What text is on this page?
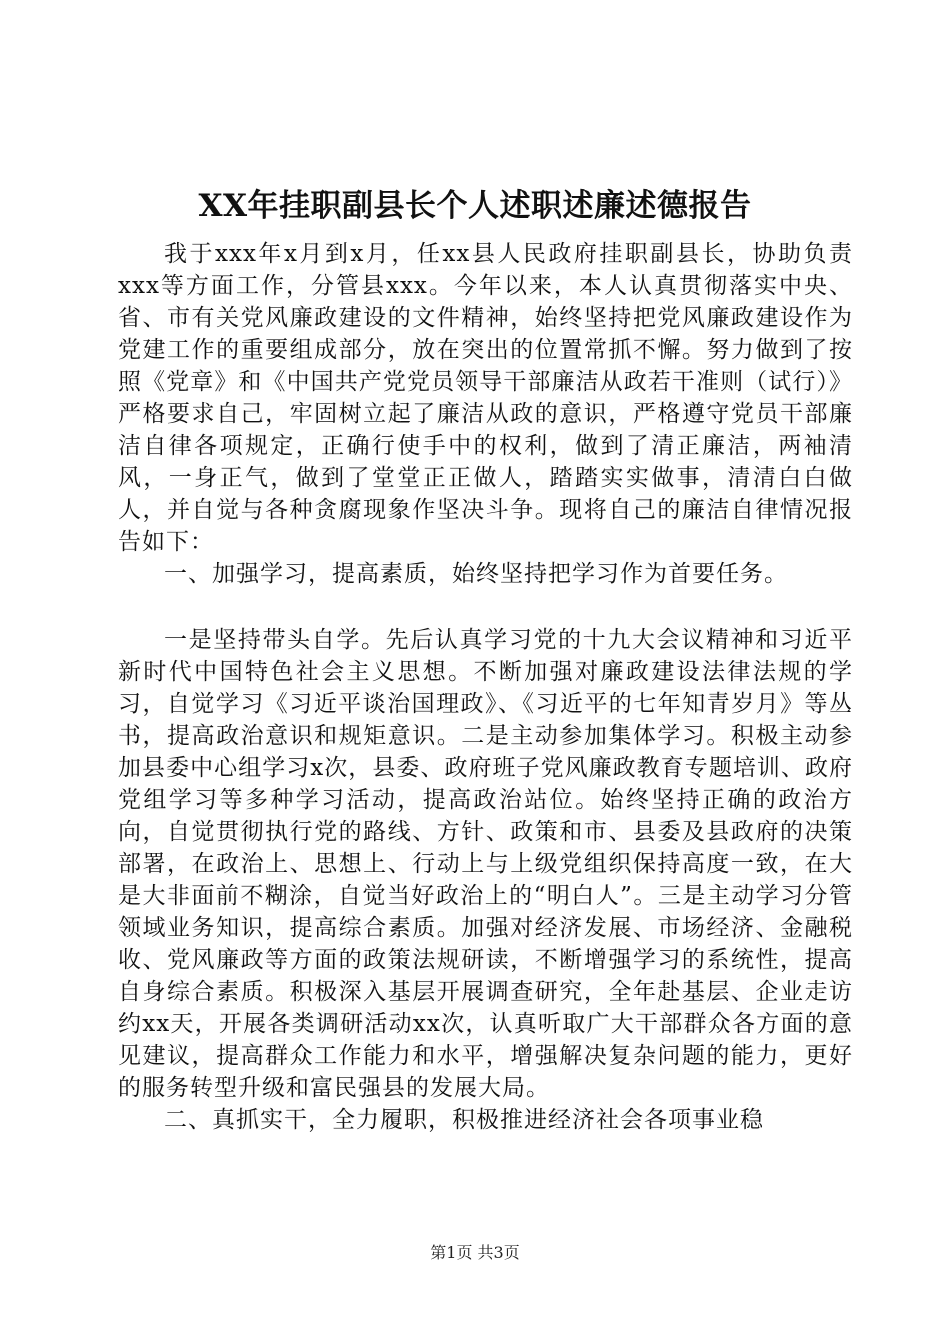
XX年挂职副县长个人述职述廉述德报告

我于xxx年x月到x月，任xx县人民政府挂职副县长，协助负责xxx等方面工作，分管县xxx。今年以来，本人认真贯彻落实中央、省、市有关党风廉政建设的文件精神，始终坚持把党风廉政建设作为党建工作的重要组成部分，放在突出的位置常抓不懈。努力做到了按照《党章》和《中国共产党党员领导干部廉洁从政若干准则（试行）》严格要求自己，牢固树立起了廉洁从政的意识，严格遵守党员干部廉洁自律各项规定，正确行使手中的权利，做到了清正廉洁，两袖清风，一身正气，做到了堂堂正正做人，踏踏实实做事，清清白白做人，并自觉与各种贪腐现象作坚决斗争。现将自己的廉洁自律情况报告如下：

一、加强学习，提高素质，始终坚持把学习作为首要任务。

一是坚持带头自学。先后认真学习党的十九大会议精神和习近平新时代中国特色社会主义思想。不断加强对廉政建设法律法规的学习，自觉学习《习近平谈治国理政》、《习近平的七年知青岁月》等丛书，提高政治意识和规矩意识。二是主动参加集体学习。积极主动参加县委中心组学习x次，县委、政府班子党风廉政教育专题培训、政府党组学习等多种学习活动，提高政治站位。始终坚持正确的政治方向，自觉贯彻执行党的路线、方针、政策和市、县委及县政府的决策部署，在政治上、思想上、行动上与上级党组织保持高度一致，在大是大非面前不糊涂，自觉当好政治上的“明白人”。三是主动学习分管领域业务知识，提高综合素质。加强对经济发展、市场经济、金融税收、党风廉政等方面的政策法规研读，不断增强学习的系统性，提高自身综合素质。积极深入基层开展调查研究，全年赴基层、企业走访约xx天，开展各类调研活动xx次，认真听取广大干部群众各方面的意见建议，提高群众工作能力和水平，增强解决复杂问题的能力，更好的服务转型升级和富民强县的发展大局。

二、真抓实干，全力履职，积极推进经济社会各项事业稳

第1页 共3页
